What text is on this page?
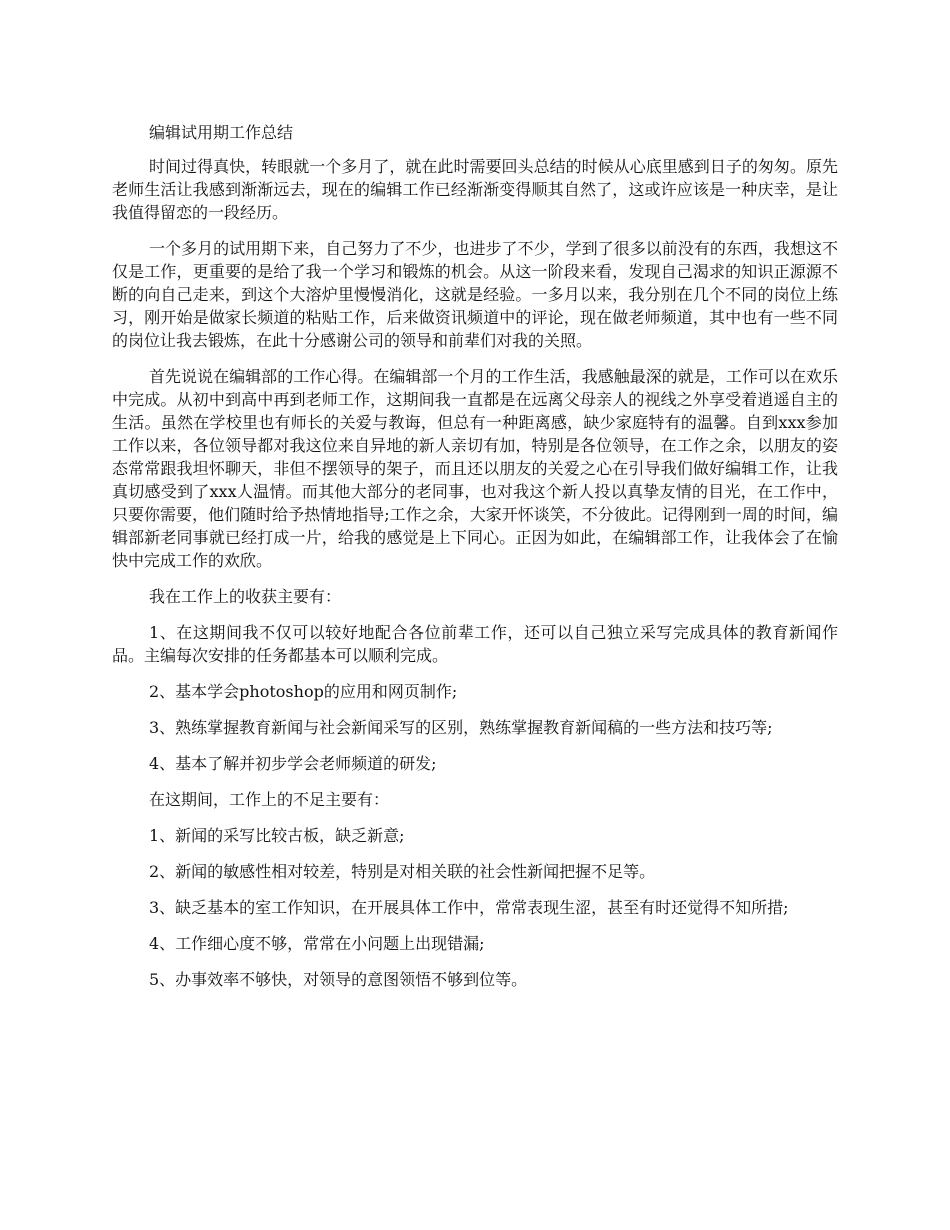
编辑试用期工作总结

时间过得真快，转眼就一个多月了，就在此时需要回头总结的时候从心底里感到日子的匆匆。原先老师生活让我感到渐渐远去，现在的编辑工作已经渐渐变得顺其自然了，这或许应该是一种庆幸，是让我值得留恋的一段经历。

一个多月的试用期下来，自己努力了不少，也进步了不少，学到了很多以前没有的东西，我想这不仅是工作，更重要的是给了我一个学习和锻炼的机会。从这一阶段来看，发现自己渴求的知识正源源不断的向自己走来，到这个大溶炉里慢慢消化，这就是经验。一多月以来，我分别在几个不同的岗位上练习，刚开始是做家长频道的粘贴工作，后来做资讯频道中的评论，现在做老师频道，其中也有一些不同的岗位让我去锻炼，在此十分感谢公司的领导和前辈们对我的关照。

首先说说在编辑部的工作心得。在编辑部一个月的工作生活，我感触最深的就是，工作可以在欢乐中完成。从初中到高中再到老师工作，这期间我一直都是在远离父母亲人的视线之外享受着逍遥自主的生活。虽然在学校里也有师长的关爱与教诲，但总有一种距离感，缺少家庭特有的温馨。自到xxx参加工作以来，各位领导都对我这位来自异地的新人亲切有加，特别是各位领导，在工作之余，以朋友的姿态常常跟我坦怀聊天，非但不摆领导的架子，而且还以朋友的关爱之心在引导我们做好编辑工作，让我真切感受到了xxx人温情。而其他大部分的老同事，也对我这个新人投以真挚友情的目光，在工作中，只要你需要，他们随时给予热情地指导;工作之余，大家开怀谈笑，不分彼此。记得刚到一周的时间，编辑部新老同事就已经打成一片，给我的感觉是上下同心。正因为如此，在编辑部工作，让我体会了在愉快中完成工作的欢欣。

我在工作上的收获主要有：

1、在这期间我不仅可以较好地配合各位前辈工作，还可以自己独立采写完成具体的教育新闻作品。主编每次安排的任务都基本可以顺利完成。

2、基本学会photoshop的应用和网页制作;

3、熟练掌握教育新闻与社会新闻采写的区别，熟练掌握教育新闻稿的一些方法和技巧等;

4、基本了解并初步学会老师频道的研发;

在这期间，工作上的不足主要有：

1、新闻的采写比较古板，缺乏新意;

2、新闻的敏感性相对较差，特别是对相关联的社会性新闻把握不足等。

3、缺乏基本的室工作知识，在开展具体工作中，常常表现生涩，甚至有时还觉得不知所措;

4、工作细心度不够，常常在小问题上出现错漏;

5、办事效率不够快，对领导的意图领悟不够到位等。
